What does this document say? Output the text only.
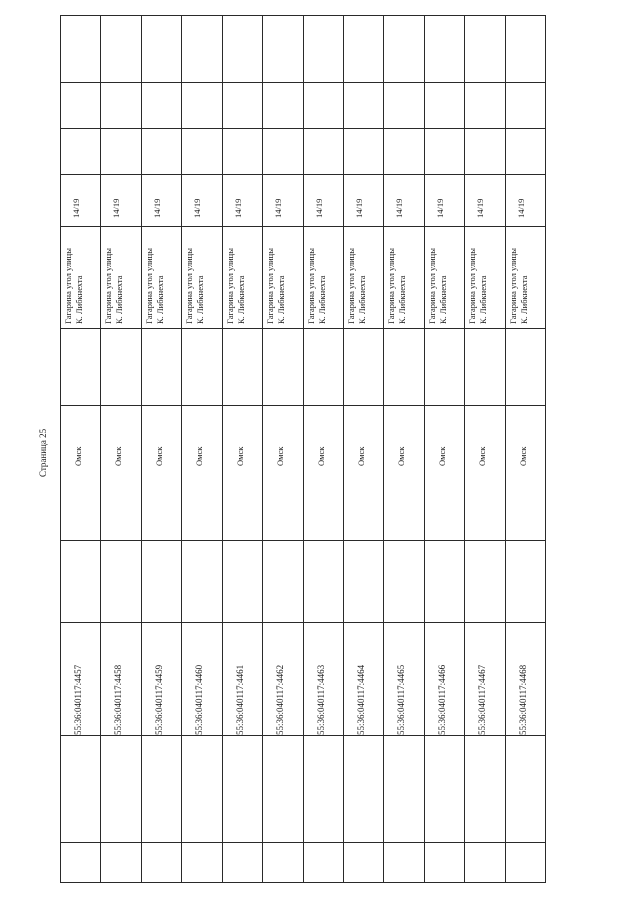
Страница 25
55:36:040117:4457
Омск
Гагарина угол улицы К. Либкнехта
14/19
55:36:040117:4458
Омск
Гагарина угол улицы К. Либкнехта
14/19
55:36:040117:4459
Омск
Гагарина угол улицы К. Либкнехта
14/19
55:36:040117:4460
Омск
Гагарина угол улицы К. Либкнехта
14/19
55:36:040117:4461
Омск
Гагарина угол улицы К. Либкнехта
14/19
55:36:040117:4462
Омск
Гагарина угол улицы К. Либкнехта
14/19
55:36:040117:4463
Омск
Гагарина угол улицы К. Либкнехта
14/19
55:36:040117:4464
Омск
Гагарина угол улицы К. Либкнехта
14/19
55:36:040117:4465
Омск
Гагарина угол улицы К. Либкнехта
14/19
55:36:040117:4466
Омск
Гагарина угол улицы К. Либкнехта
14/19
55:36:040117:4467
Омск
Гагарина угол улицы К. Либкнехта
14/19
55:36:040117:4468
Омск
Гагарина угол улицы К. Либкнехта
14/19
